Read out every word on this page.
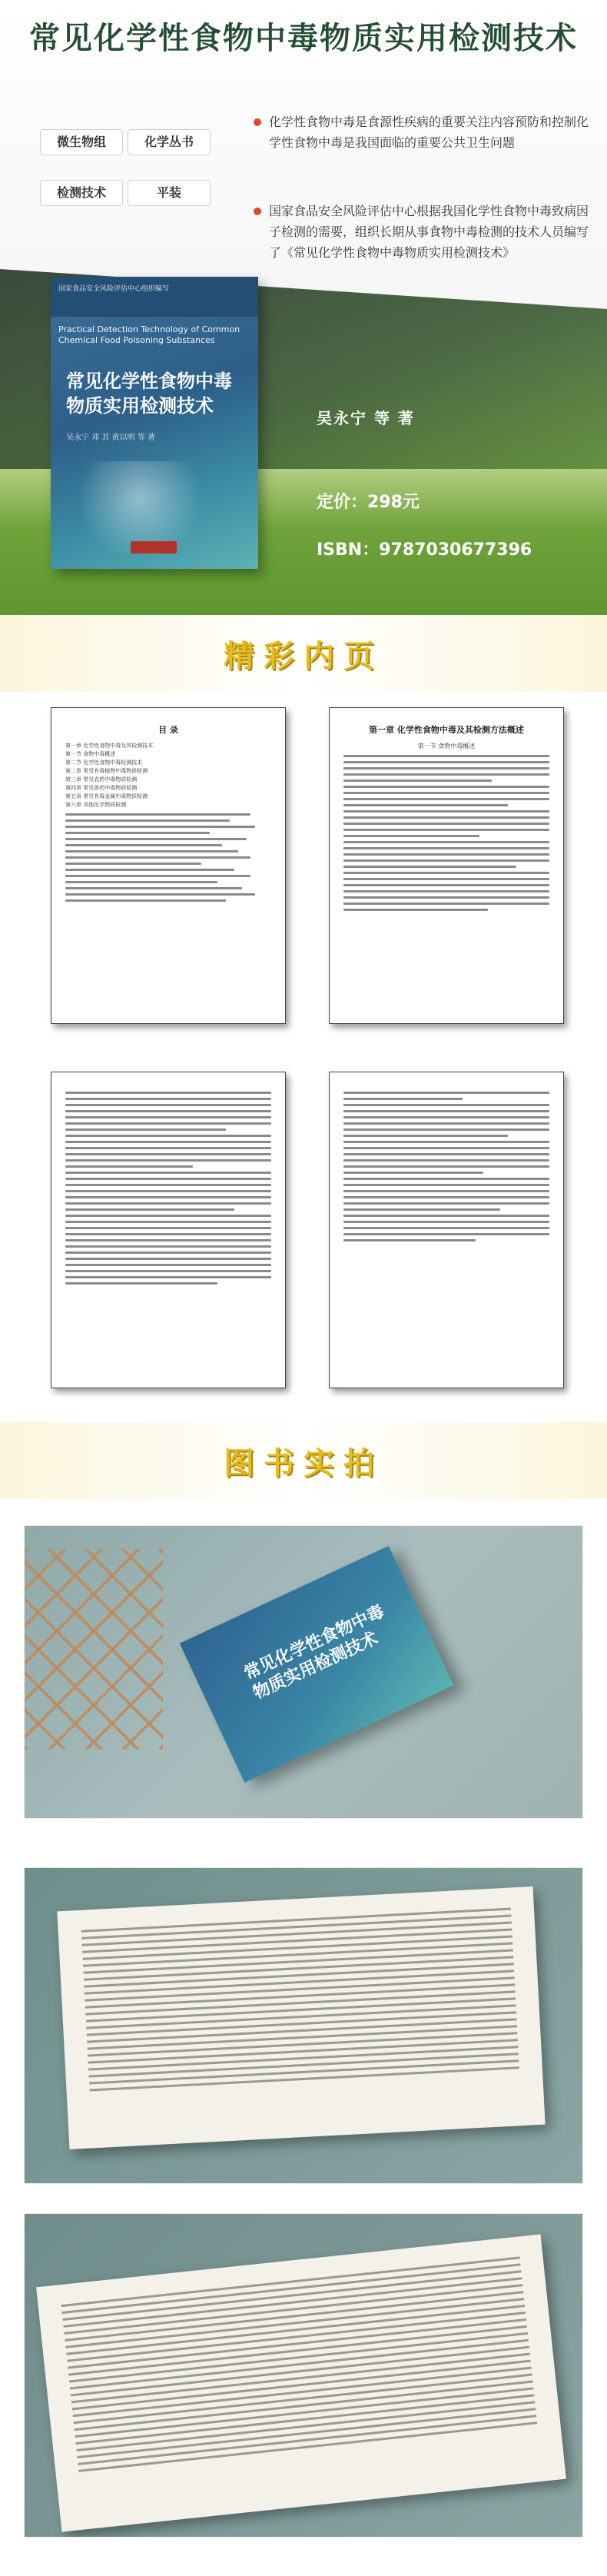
常见化学性食物中毒物质实用检测技术
微生物组	化学丛书
检测技术	平装
化学性食物中毒是食源性疾病的重要关注内容预防和控制化学性食物中毒是我国面临的重要公共卫生问题
国家食品安全风险评估中心根据我国化学性食物中毒致病因子检测的需要，组织长期从事食物中毒检测的技术人员编写了《常见化学性食物中毒物质实用检测技术》
国家食品安全风险评估中心组织编写
Practical Detection Technology of Common Chemical Food Poisoning Substances
常见化学性食物中毒物质实用检测技术
吴永宁 邓 其 黄以明 等 著
吴永宁 等 著
定价：298元
ISBN：9787030677396
精彩内页
目 录
第一章 化学性食物中毒及其检测技术
第一节 食物中毒概述
第二节 化学性食物中毒检测技术
第二章 常见有毒植物中毒物质检测
第三章 常见农药中毒物质检测
第四章 常见兽药中毒物质检测
第五章 常见有毒金属中毒物质检测
第六章 其他化学物质检测
第一章 化学性食物中毒及其检测方法概述
第一节 食物中毒概述
图书实拍
常见化学性食物中毒物质实用检测技术
